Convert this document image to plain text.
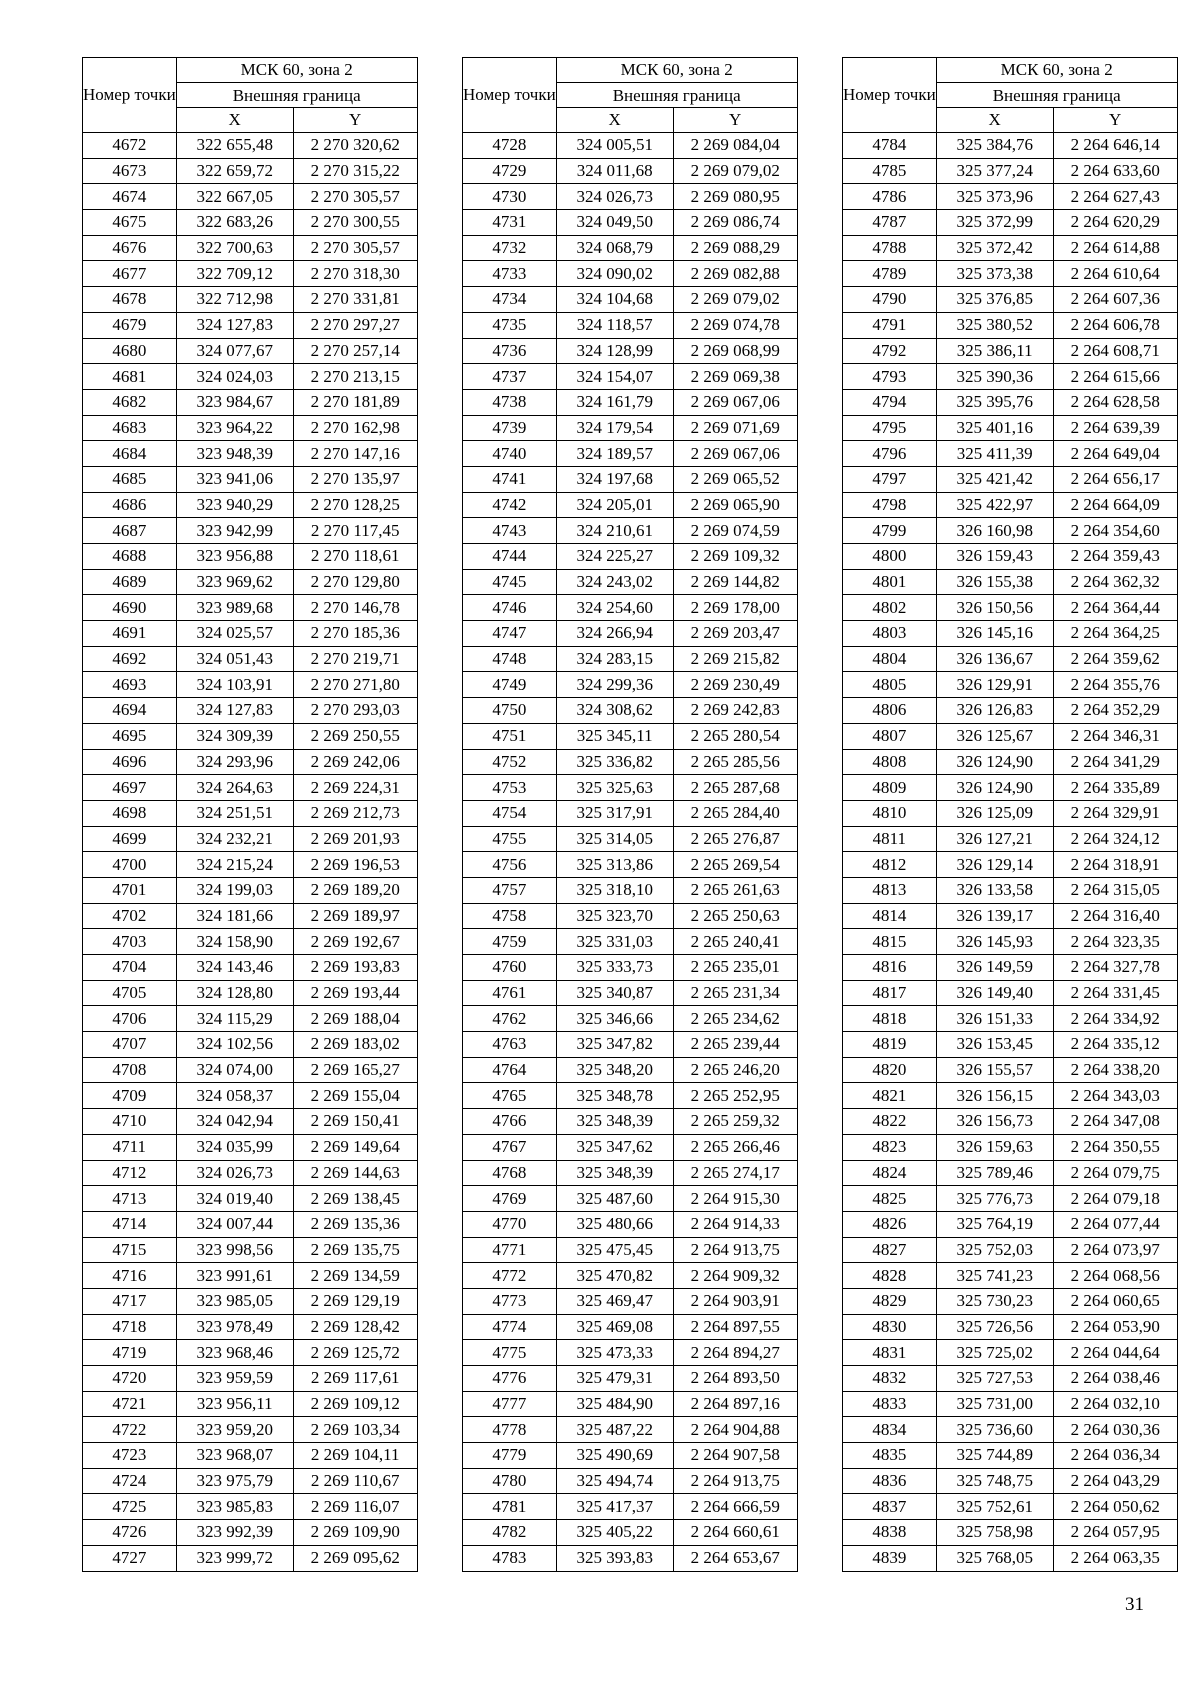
Номер точки	МСК 60, зона 2	
	Внешняя граница	
	X	Y
4672	322 655,48	2 270 320,62
4673	322 659,72	2 270 315,22
4674	322 667,05	2 270 305,57
4675	322 683,26	2 270 300,55
4676	322 700,63	2 270 305,57
4677	322 709,12	2 270 318,30
4678	322 712,98	2 270 331,81
4679	324 127,83	2 270 297,27
4680	324 077,67	2 270 257,14
4681	324 024,03	2 270 213,15
4682	323 984,67	2 270 181,89
4683	323 964,22	2 270 162,98
4684	323 948,39	2 270 147,16
4685	323 941,06	2 270 135,97
4686	323 940,29	2 270 128,25
4687	323 942,99	2 270 117,45
4688	323 956,88	2 270 118,61
4689	323 969,62	2 270 129,80
4690	323 989,68	2 270 146,78
4691	324 025,57	2 270 185,36
4692	324 051,43	2 270 219,71
4693	324 103,91	2 270 271,80
4694	324 127,83	2 270 293,03
4695	324 309,39	2 269 250,55
4696	324 293,96	2 269 242,06
4697	324 264,63	2 269 224,31
4698	324 251,51	2 269 212,73
4699	324 232,21	2 269 201,93
4700	324 215,24	2 269 196,53
4701	324 199,03	2 269 189,20
4702	324 181,66	2 269 189,97
4703	324 158,90	2 269 192,67
4704	324 143,46	2 269 193,83
4705	324 128,80	2 269 193,44
4706	324 115,29	2 269 188,04
4707	324 102,56	2 269 183,02
4708	324 074,00	2 269 165,27
4709	324 058,37	2 269 155,04
4710	324 042,94	2 269 150,41
4711	324 035,99	2 269 149,64
4712	324 026,73	2 269 144,63
4713	324 019,40	2 269 138,45
4714	324 007,44	2 269 135,36
4715	323 998,56	2 269 135,75
4716	323 991,61	2 269 134,59
4717	323 985,05	2 269 129,19
4718	323 978,49	2 269 128,42
4719	323 968,46	2 269 125,72
4720	323 959,59	2 269 117,61
4721	323 956,11	2 269 109,12
4722	323 959,20	2 269 103,34
4723	323 968,07	2 269 104,11
4724	323 975,79	2 269 110,67
4725	323 985,83	2 269 116,07
4726	323 992,39	2 269 109,90
4727	323 999,72	2 269 095,62
Номер точки	МСК 60, зона 2	
	Внешняя граница	
	X	Y
4728	324 005,51	2 269 084,04
4729	324 011,68	2 269 079,02
4730	324 026,73	2 269 080,95
4731	324 049,50	2 269 086,74
4732	324 068,79	2 269 088,29
4733	324 090,02	2 269 082,88
4734	324 104,68	2 269 079,02
4735	324 118,57	2 269 074,78
4736	324 128,99	2 269 068,99
4737	324 154,07	2 269 069,38
4738	324 161,79	2 269 067,06
4739	324 179,54	2 269 071,69
4740	324 189,57	2 269 067,06
4741	324 197,68	2 269 065,52
4742	324 205,01	2 269 065,90
4743	324 210,61	2 269 074,59
4744	324 225,27	2 269 109,32
4745	324 243,02	2 269 144,82
4746	324 254,60	2 269 178,00
4747	324 266,94	2 269 203,47
4748	324 283,15	2 269 215,82
4749	324 299,36	2 269 230,49
4750	324 308,62	2 269 242,83
4751	325 345,11	2 265 280,54
4752	325 336,82	2 265 285,56
4753	325 325,63	2 265 287,68
4754	325 317,91	2 265 284,40
4755	325 314,05	2 265 276,87
4756	325 313,86	2 265 269,54
4757	325 318,10	2 265 261,63
4758	325 323,70	2 265 250,63
4759	325 331,03	2 265 240,41
4760	325 333,73	2 265 235,01
4761	325 340,87	2 265 231,34
4762	325 346,66	2 265 234,62
4763	325 347,82	2 265 239,44
4764	325 348,20	2 265 246,20
4765	325 348,78	2 265 252,95
4766	325 348,39	2 265 259,32
4767	325 347,62	2 265 266,46
4768	325 348,39	2 265 274,17
4769	325 487,60	2 264 915,30
4770	325 480,66	2 264 914,33
4771	325 475,45	2 264 913,75
4772	325 470,82	2 264 909,32
4773	325 469,47	2 264 903,91
4774	325 469,08	2 264 897,55
4775	325 473,33	2 264 894,27
4776	325 479,31	2 264 893,50
4777	325 484,90	2 264 897,16
4778	325 487,22	2 264 904,88
4779	325 490,69	2 264 907,58
4780	325 494,74	2 264 913,75
4781	325 417,37	2 264 666,59
4782	325 405,22	2 264 660,61
4783	325 393,83	2 264 653,67
Номер точки	МСК 60, зона 2	
	Внешняя граница	
	X	Y
4784	325 384,76	2 264 646,14
4785	325 377,24	2 264 633,60
4786	325 373,96	2 264 627,43
4787	325 372,99	2 264 620,29
4788	325 372,42	2 264 614,88
4789	325 373,38	2 264 610,64
4790	325 376,85	2 264 607,36
4791	325 380,52	2 264 606,78
4792	325 386,11	2 264 608,71
4793	325 390,36	2 264 615,66
4794	325 395,76	2 264 628,58
4795	325 401,16	2 264 639,39
4796	325 411,39	2 264 649,04
4797	325 421,42	2 264 656,17
4798	325 422,97	2 264 664,09
4799	326 160,98	2 264 354,60
4800	326 159,43	2 264 359,43
4801	326 155,38	2 264 362,32
4802	326 150,56	2 264 364,44
4803	326 145,16	2 264 364,25
4804	326 136,67	2 264 359,62
4805	326 129,91	2 264 355,76
4806	326 126,83	2 264 352,29
4807	326 125,67	2 264 346,31
4808	326 124,90	2 264 341,29
4809	326 124,90	2 264 335,89
4810	326 125,09	2 264 329,91
4811	326 127,21	2 264 324,12
4812	326 129,14	2 264 318,91
4813	326 133,58	2 264 315,05
4814	326 139,17	2 264 316,40
4815	326 145,93	2 264 323,35
4816	326 149,59	2 264 327,78
4817	326 149,40	2 264 331,45
4818	326 151,33	2 264 334,92
4819	326 153,45	2 264 335,12
4820	326 155,57	2 264 338,20
4821	326 156,15	2 264 343,03
4822	326 156,73	2 264 347,08
4823	326 159,63	2 264 350,55
4824	325 789,46	2 264 079,75
4825	325 776,73	2 264 079,18
4826	325 764,19	2 264 077,44
4827	325 752,03	2 264 073,97
4828	325 741,23	2 264 068,56
4829	325 730,23	2 264 060,65
4830	325 726,56	2 264 053,90
4831	325 725,02	2 264 044,64
4832	325 727,53	2 264 038,46
4833	325 731,00	2 264 032,10
4834	325 736,60	2 264 030,36
4835	325 744,89	2 264 036,34
4836	325 748,75	2 264 043,29
4837	325 752,61	2 264 050,62
4838	325 758,98	2 264 057,95
4839	325 768,05	2 264 063,35
31
